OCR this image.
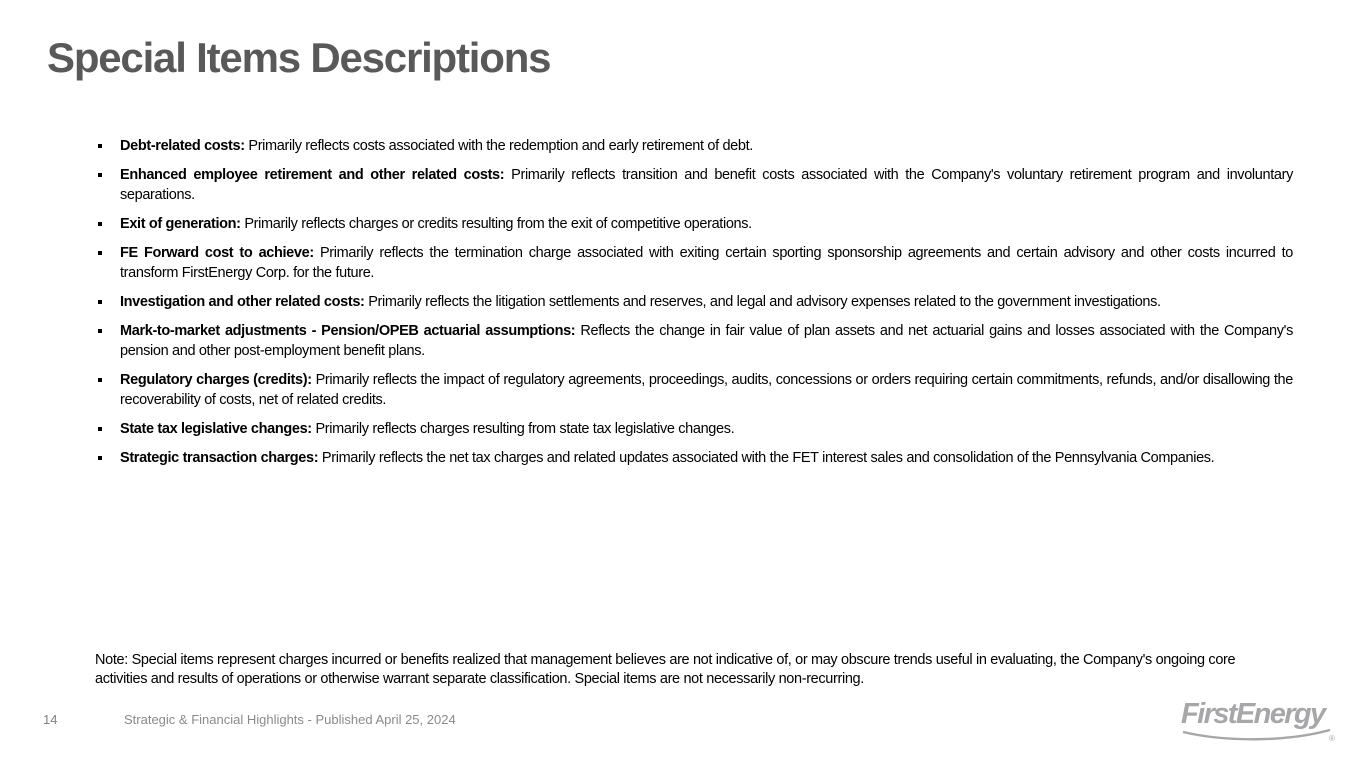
Special Items Descriptions
Debt-related costs: Primarily reflects costs associated with the redemption and early retirement of debt.
Enhanced employee retirement and other related costs: Primarily reflects transition and benefit costs associated with the Company's voluntary retirement program and involuntary separations.
Exit of generation: Primarily reflects charges or credits resulting from the exit of competitive operations.
FE Forward cost to achieve: Primarily reflects the termination charge associated with exiting certain sporting sponsorship agreements and certain advisory and other costs incurred to transform FirstEnergy Corp. for the future.
Investigation and other related costs: Primarily reflects the litigation settlements and reserves, and legal and advisory expenses related to the government investigations.
Mark-to-market adjustments - Pension/OPEB actuarial assumptions: Reflects the change in fair value of plan assets and net actuarial gains and losses associated with the Company's pension and other post-employment benefit plans.
Regulatory charges (credits): Primarily reflects the impact of regulatory agreements, proceedings, audits, concessions or orders requiring certain commitments, refunds, and/or disallowing the recoverability of costs, net of related credits.
State tax legislative changes: Primarily reflects charges resulting from state tax legislative changes.
Strategic transaction charges: Primarily reflects the net tax charges and related updates associated with the FET interest sales and consolidation of the Pennsylvania Companies.

Note: Special items represent charges incurred or benefits realized that management believes are not indicative of, or may obscure trends useful in evaluating, the Company's ongoing core activities and results of operations or otherwise warrant separate classification. Special items are not necessarily non-recurring.

14	Strategic & Financial Highlights - Published April 25, 2024	FirstEnergy
®
